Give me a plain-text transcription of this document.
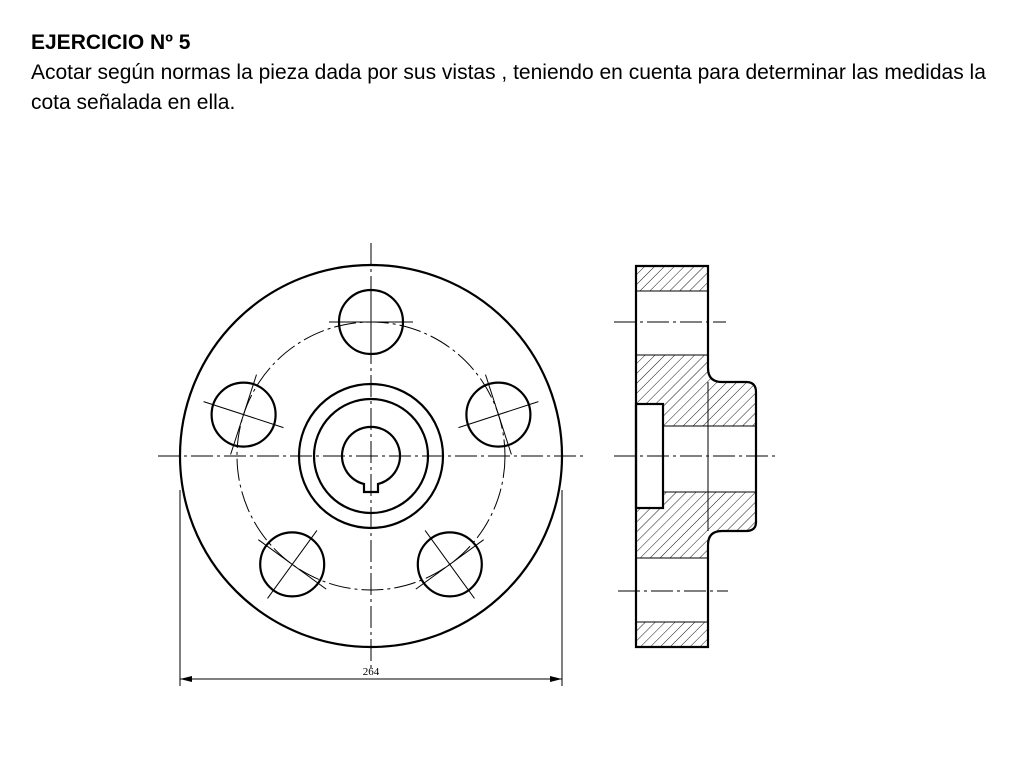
EJERCICIO Nº 5
Acotar según normas la pieza dada por sus vistas , teniendo en cuenta para determinar las medidas la cota señalada en ella.
264
